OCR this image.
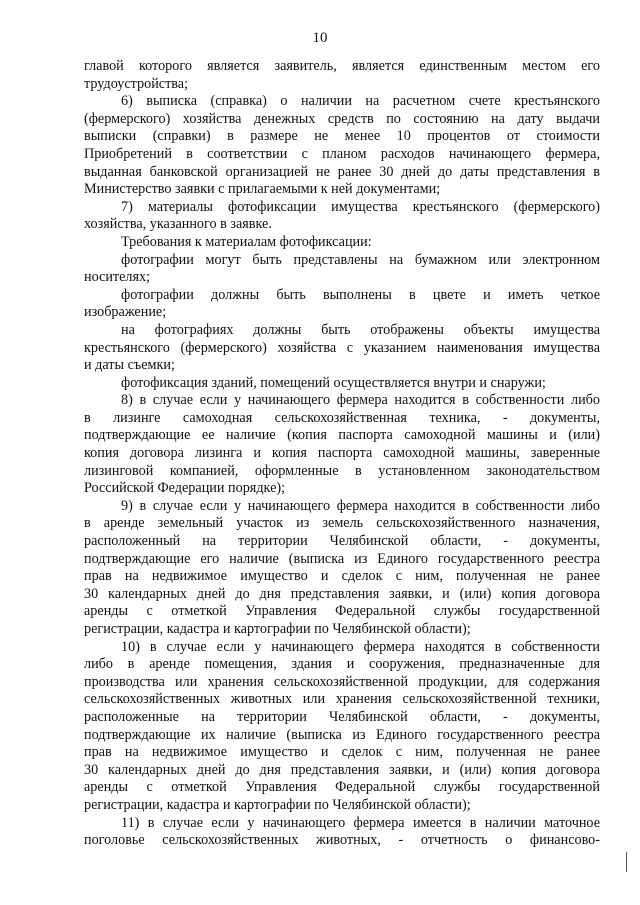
10
главой которого является заявитель, является единственным местом его
трудоустройства;
6) выписка (справка) о наличии на расчетном счете крестьянского
(фермерского) хозяйства денежных средств по состоянию на дату выдачи
выписки (справки) в размере не менее 10 процентов от стоимости
Приобретений в соответствии с планом расходов начинающего фермера,
выданная банковской организацией не ранее 30 дней до даты представления в
Министерство заявки с прилагаемыми к ней документами;
7) материалы фотофиксации имущества крестьянского (фермерского)
хозяйства, указанного в заявке.
Требования к материалам фотофиксации:
фотографии могут быть представлены на бумажном или электронном
носителях;
фотографии должны быть выполнены в цвете и иметь четкое
изображение;
на фотографиях должны быть отображены объекты имущества
крестьянского (фермерского) хозяйства с указанием наименования имущества
и даты съемки;
фотофиксация зданий, помещений осуществляется внутри и снаружи;
8) в случае если у начинающего фермера находится в собственности либо
в лизинге самоходная сельскохозяйственная техника, - документы,
подтверждающие ее наличие (копия паспорта самоходной машины и (или)
копия договора лизинга и копия паспорта самоходной машины, заверенные
лизинговой компанией, оформленные в установленном законодательством
Российской Федерации порядке);
9) в случае если у начинающего фермера находится в собственности либо
в аренде земельный участок из земель сельскохозяйственного назначения,
расположенный на территории Челябинской области, - документы,
подтверждающие его наличие (выписка из Единого государственного реестра
прав на недвижимое имущество и сделок с ним, полученная не ранее
30 календарных дней до дня представления заявки, и (или) копия договора
аренды с отметкой Управления Федеральной службы государственной
регистрации, кадастра и картографии по Челябинской области);
10) в случае если у начинающего фермера находятся в собственности
либо в аренде помещения, здания и сооружения, предназначенные для
производства или хранения сельскохозяйственной продукции, для содержания
сельскохозяйственных животных или хранения сельскохозяйственной техники,
расположенные на территории Челябинской области, - документы,
подтверждающие их наличие (выписка из Единого государственного реестра
прав на недвижимое имущество и сделок с ним, полученная не ранее
30 календарных дней до дня представления заявки, и (или) копия договора
аренды с отметкой Управления Федеральной службы государственной
регистрации, кадастра и картографии по Челябинской области);
11) в случае если у начинающего фермера имеется в наличии маточное
поголовье сельскохозяйственных животных, - отчетность о финансово-
